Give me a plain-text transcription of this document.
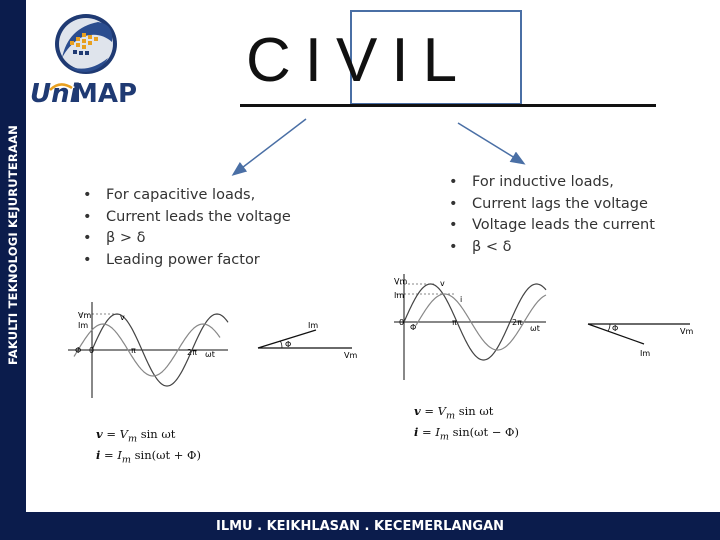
FAKULTI TEKNOLOGI KEJURUTERAAN
Uni
MAP CIVIL
• For capacitive loads,
• Current leads the voltage
• β > δ
• Leading power factor
• For inductive loads,
• Current lags the voltage
• Voltage leads the current
• β < δ
Vm
Im
v
Φ 0	π	2π ωt
Im
Φ
Vm
Vm
Im
v
i
0
Φ
π	2π
ωt	Φ	Vm
Im
$v = V_m$ sin ωt
$i = I_m$ sin(ωt + Φ)
$v = V_m$ sin ωt
$i = I_m$ sin(ωt − Φ)
ILMU . KEIKHLASAN . KECEMERLANGAN
